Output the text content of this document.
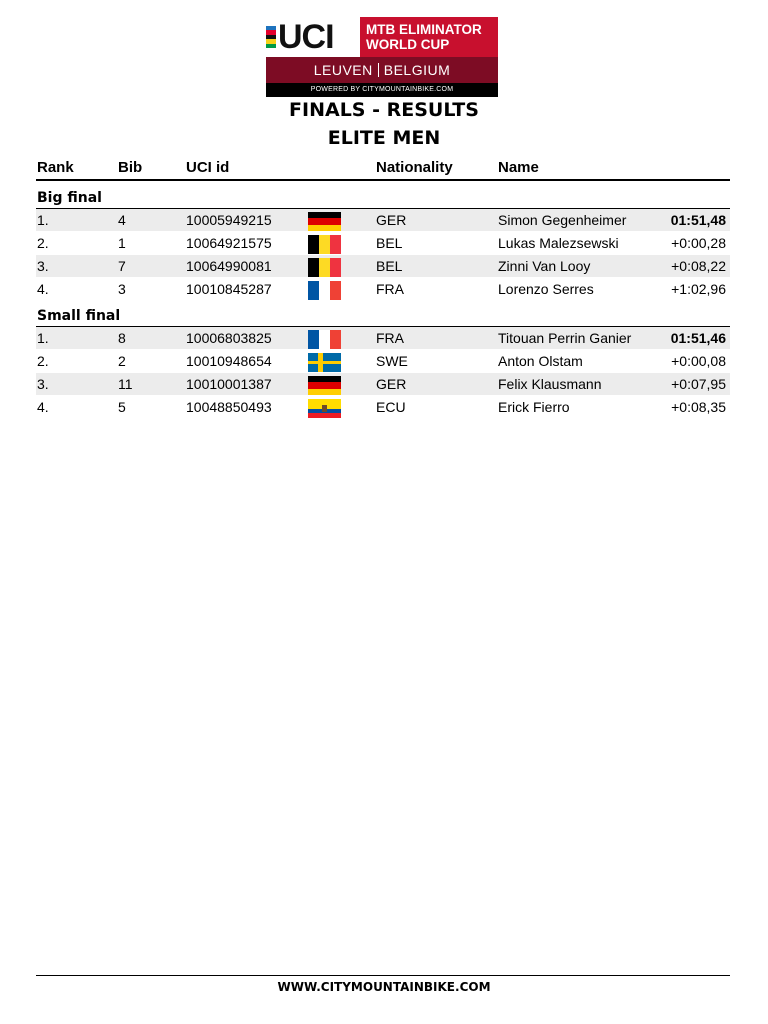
UCI MTB ELIMINATOR
WORLD CUP
LEUVEN BELGIUM
POWERED BY CITYMOUNTAINBIKE.COM
FINALS - RESULTS
ELITE MEN
Rank	Bib	UCI id	Nationality	Name
Big final
1.	4	10005949215	GER	Simon Gegenheimer	01:51,48
2.	1	10064921575	BEL	Lukas Malezsewski	+0:00,28
3.	7	10064990081	BEL	Zinni Van Looy	+0:08,22
4.	3	10010845287	FRA	Lorenzo Serres	+1:02,96
Small final
1.	8	10006803825	FRA	Titouan Perrin Ganier	01:51,46
2.	2	10010948654	SWE	Anton Olstam	+0:00,08
3.	11	10010001387	GER	Felix Klausmann	+0:07,95
4.	5	10048850493	ECU	Erick Fierro	+0:08,35
WWW.CITYMOUNTAINBIKE.COM
